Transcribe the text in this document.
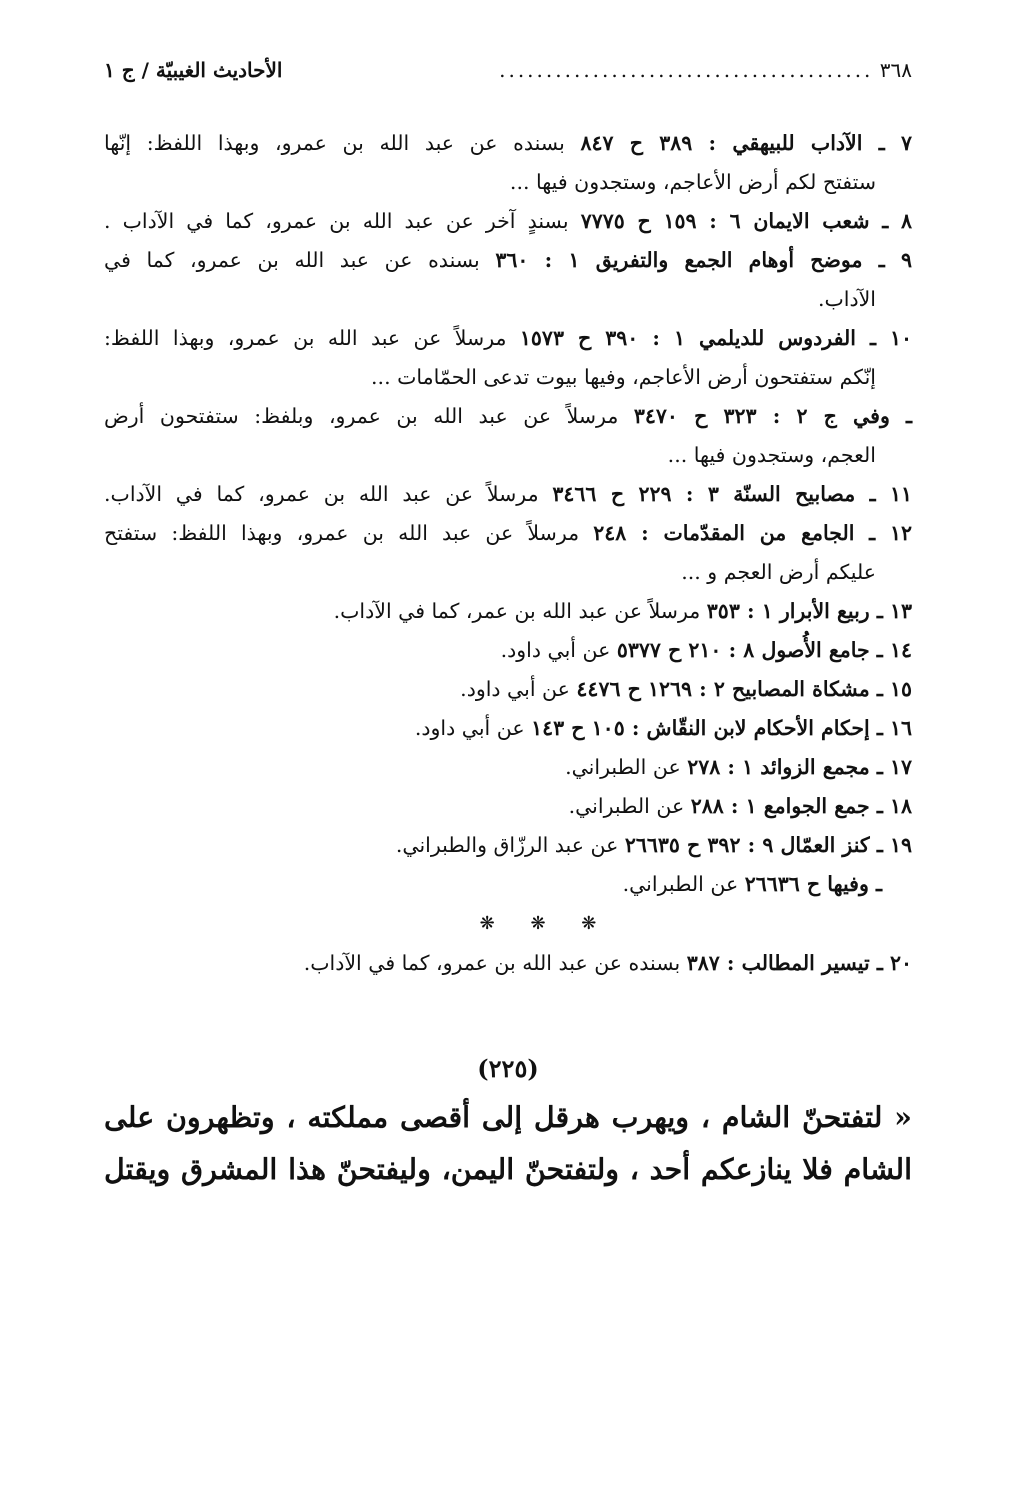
٣٦٨

........................................
الأحاديث الغيبيّة / ج ١
٧ ـ الآداب للبيهقي : ٣٨٩ ح ٨٤٧ بسنده عن عبد الله بن عمرو، وبهذا اللفظ: إنّها
ستفتح لكم أرض الأعاجم، وستجدون فيها ...
٨ ـ شعب الايمان ٦ : ١٥٩ ح ٧٧٧٥ بسندٍ آخر عن عبد الله بن عمرو، كما في الآداب .
٩ ـ موضح أوهام الجمع والتفريق ١ : ٣٦٠ بسنده عن عبد الله بن عمرو، كما في
الآداب.
١٠ ـ الفردوس للديلمي ١ : ٣٩٠ ح ١٥٧٣ مرسلاً عن عبد الله بن عمرو، وبهذا اللفظ:
إنّكم ستفتحون أرض الأعاجم، وفيها بيوت تدعى الحمّامات ...
ـ وفي ج ٢ : ٣٢٣ ح ٣٤٧٠ مرسلاً عن عبد الله بن عمرو، وبلفظ: ستفتحون أرض
العجم، وستجدون فيها ...
١١ ـ مصابيح السنّة ٣ : ٢٢٩ ح ٣٤٦٦ مرسلاً عن عبد الله بن عمرو، كما في الآداب.
١٢ ـ الجامع من المقدّمات : ٢٤٨ مرسلاً عن عبد الله بن عمرو، وبهذا اللفظ: ستفتح
عليكم أرض العجم و ...
١٣ ـ ربيع الأبرار ١ : ٣٥٣ مرسلاً عن عبد الله بن عمر، كما في الآداب.
١٤ ـ جامع الأُصول ٨ : ٢١٠ ح ٥٣٧٧ عن أبي داود.
١٥ ـ مشكاة المصابيح ٢ : ١٢٦٩ ح ٤٤٧٦ عن أبي داود.
١٦ ـ إحكام الأحكام لابن النقّاش : ١٠٥ ح ١٤٣ عن أبي داود.
١٧ ـ مجمع الزوائد ١ : ٢٧٨ عن الطبراني.
١٨ ـ جمع الجوامع ١ : ٢٨٨ عن الطبراني.
١٩ ـ كنز العمّال ٩ : ٣٩٢ ح ٢٦٦٣٥ عن عبد الرزّاق والطبراني.
ـ وفيها ح ٢٦٦٣٦ عن الطبراني.
❋ ❋ ❋
٢٠ ـ تيسير المطالب : ٣٨٧ بسنده عن عبد الله بن عمرو، كما في الآداب.
(٢٢٥)
« لتفتحنّ الشام ، ويهرب هرقل إلى أقصى مملكته ، وتظهرون على
الشام فلا ينازعكم أحد ، ولتفتحنّ اليمن، وليفتحنّ هذا المشرق ويقتل
